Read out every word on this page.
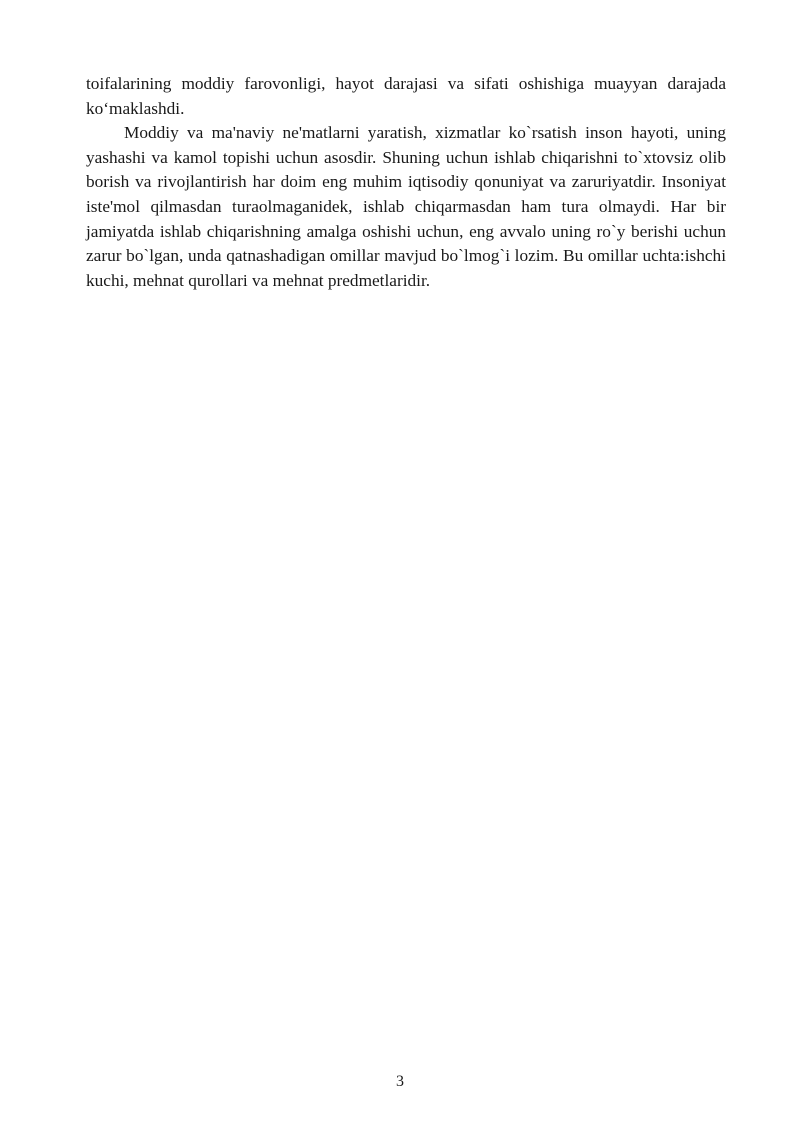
toifalarining moddiy farovonligi, hayot darajasi va sifati oshishiga muayyan darajada ko‘maklashdi.

Moddiy va ma'naviy ne'matlarni yaratish, xizmatlar ko`rsatish inson hayoti, uning yashashi va kamol topishi uchun asosdir. Shuning uchun ishlab chiqarishni to`xtovsiz olib borish va rivojlantirish har doim eng muhim iqtisodiy qonuniyat va zaruriyatdir. Insoniyat iste'mol qilmasdan turaolmaganidek, ishlab chiqarmasdan ham tura olmaydi. Har bir jamiyatda ishlab chiqarishning amalga oshishi uchun, eng avvalo uning ro`y berishi uchun zarur bo`lgan, unda qatnashadigan omillar mavjud bo`lmog`i lozim. Bu omillar uchta:ishchi kuchi, mehnat qurollari va mehnat predmetlaridir.

3
